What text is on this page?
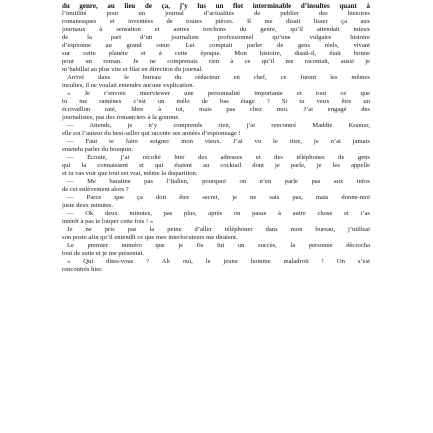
du genre, au lieu de ça, j’y lus un flot interminable d’insultes quant à
l’inutilité pour un journal d’actualités de publier des histoires
romanesques et inventées de toutes pièces. Il me disait lisser ça aux
journaux à sensation et autres torchons du genre, qu’il attendait mieux
de la part d’un journaliste professionnel qu’une vulgaire histoire
d’espionne au grand cœur. Lui comptait parler de gens réels, vivant
sur cette planète et à cette époque. Mon histoire, disait-il, était bonne
pour un roman. Je ne comprenais rien à ce qu’il me racontait, aussi je
m’habillai au plus vite et filai en direction du journal.
Arrivé dans le bureau du rédacteur en chef, ce furent les mêmes
insultes, il ne voulait entendre aucune explication.
« Je t’envoie interviewer une personnalité importante et tout ce que
tu me ramènes c’est un mélo de bas étage ? Si tu veux être un
écrivaillon raté, libre à toi, mais pas chez moi. J’ai engagé des
journalistes, pas des romanciers à la gomme.
— Attends, je n’y comprends rien, j’ai rencontré Maddie Kramer,
elle est l’auteur du best-seller qui raconte ses années d’espionnage !
— Faut te faire soigner mon vieux. J’ai vu le titre, je n’ai jamais
entendu parler du bouquin.
— Écoute, j’ai récolté hier des adresses et des téléphones de gens
qui la connaissent et qui étaient au cocktail dont je parle, je les appelle
et tu vas voir que tout est vrai, même la disparition.
— Me baratine pas l’italien, pourquoi on n’en parle pas aux infos
de cet enlèvement alors ?
— Parce que ça doit être secret, je ne sais pas, mais donne-moi
juste deux minutes.
— Ok deux minutes, pas plus, après on passe à autre chose et t’as
intérêt à pas te louper cette fois ! »
Je ne pris pas la peine d’aller téléphoner dans mon bureau, j’utilisai
son poste afin qu’il entendît ce que mes interlocuteurs me diraient.
Le premier numéro que je fis fut un succès, la personne décrocha
tout de suite et je me présentai.
« Qui dites-vous ? Ah oui, le jeune homme maladroit ! On s’est
rencontrés hier.
